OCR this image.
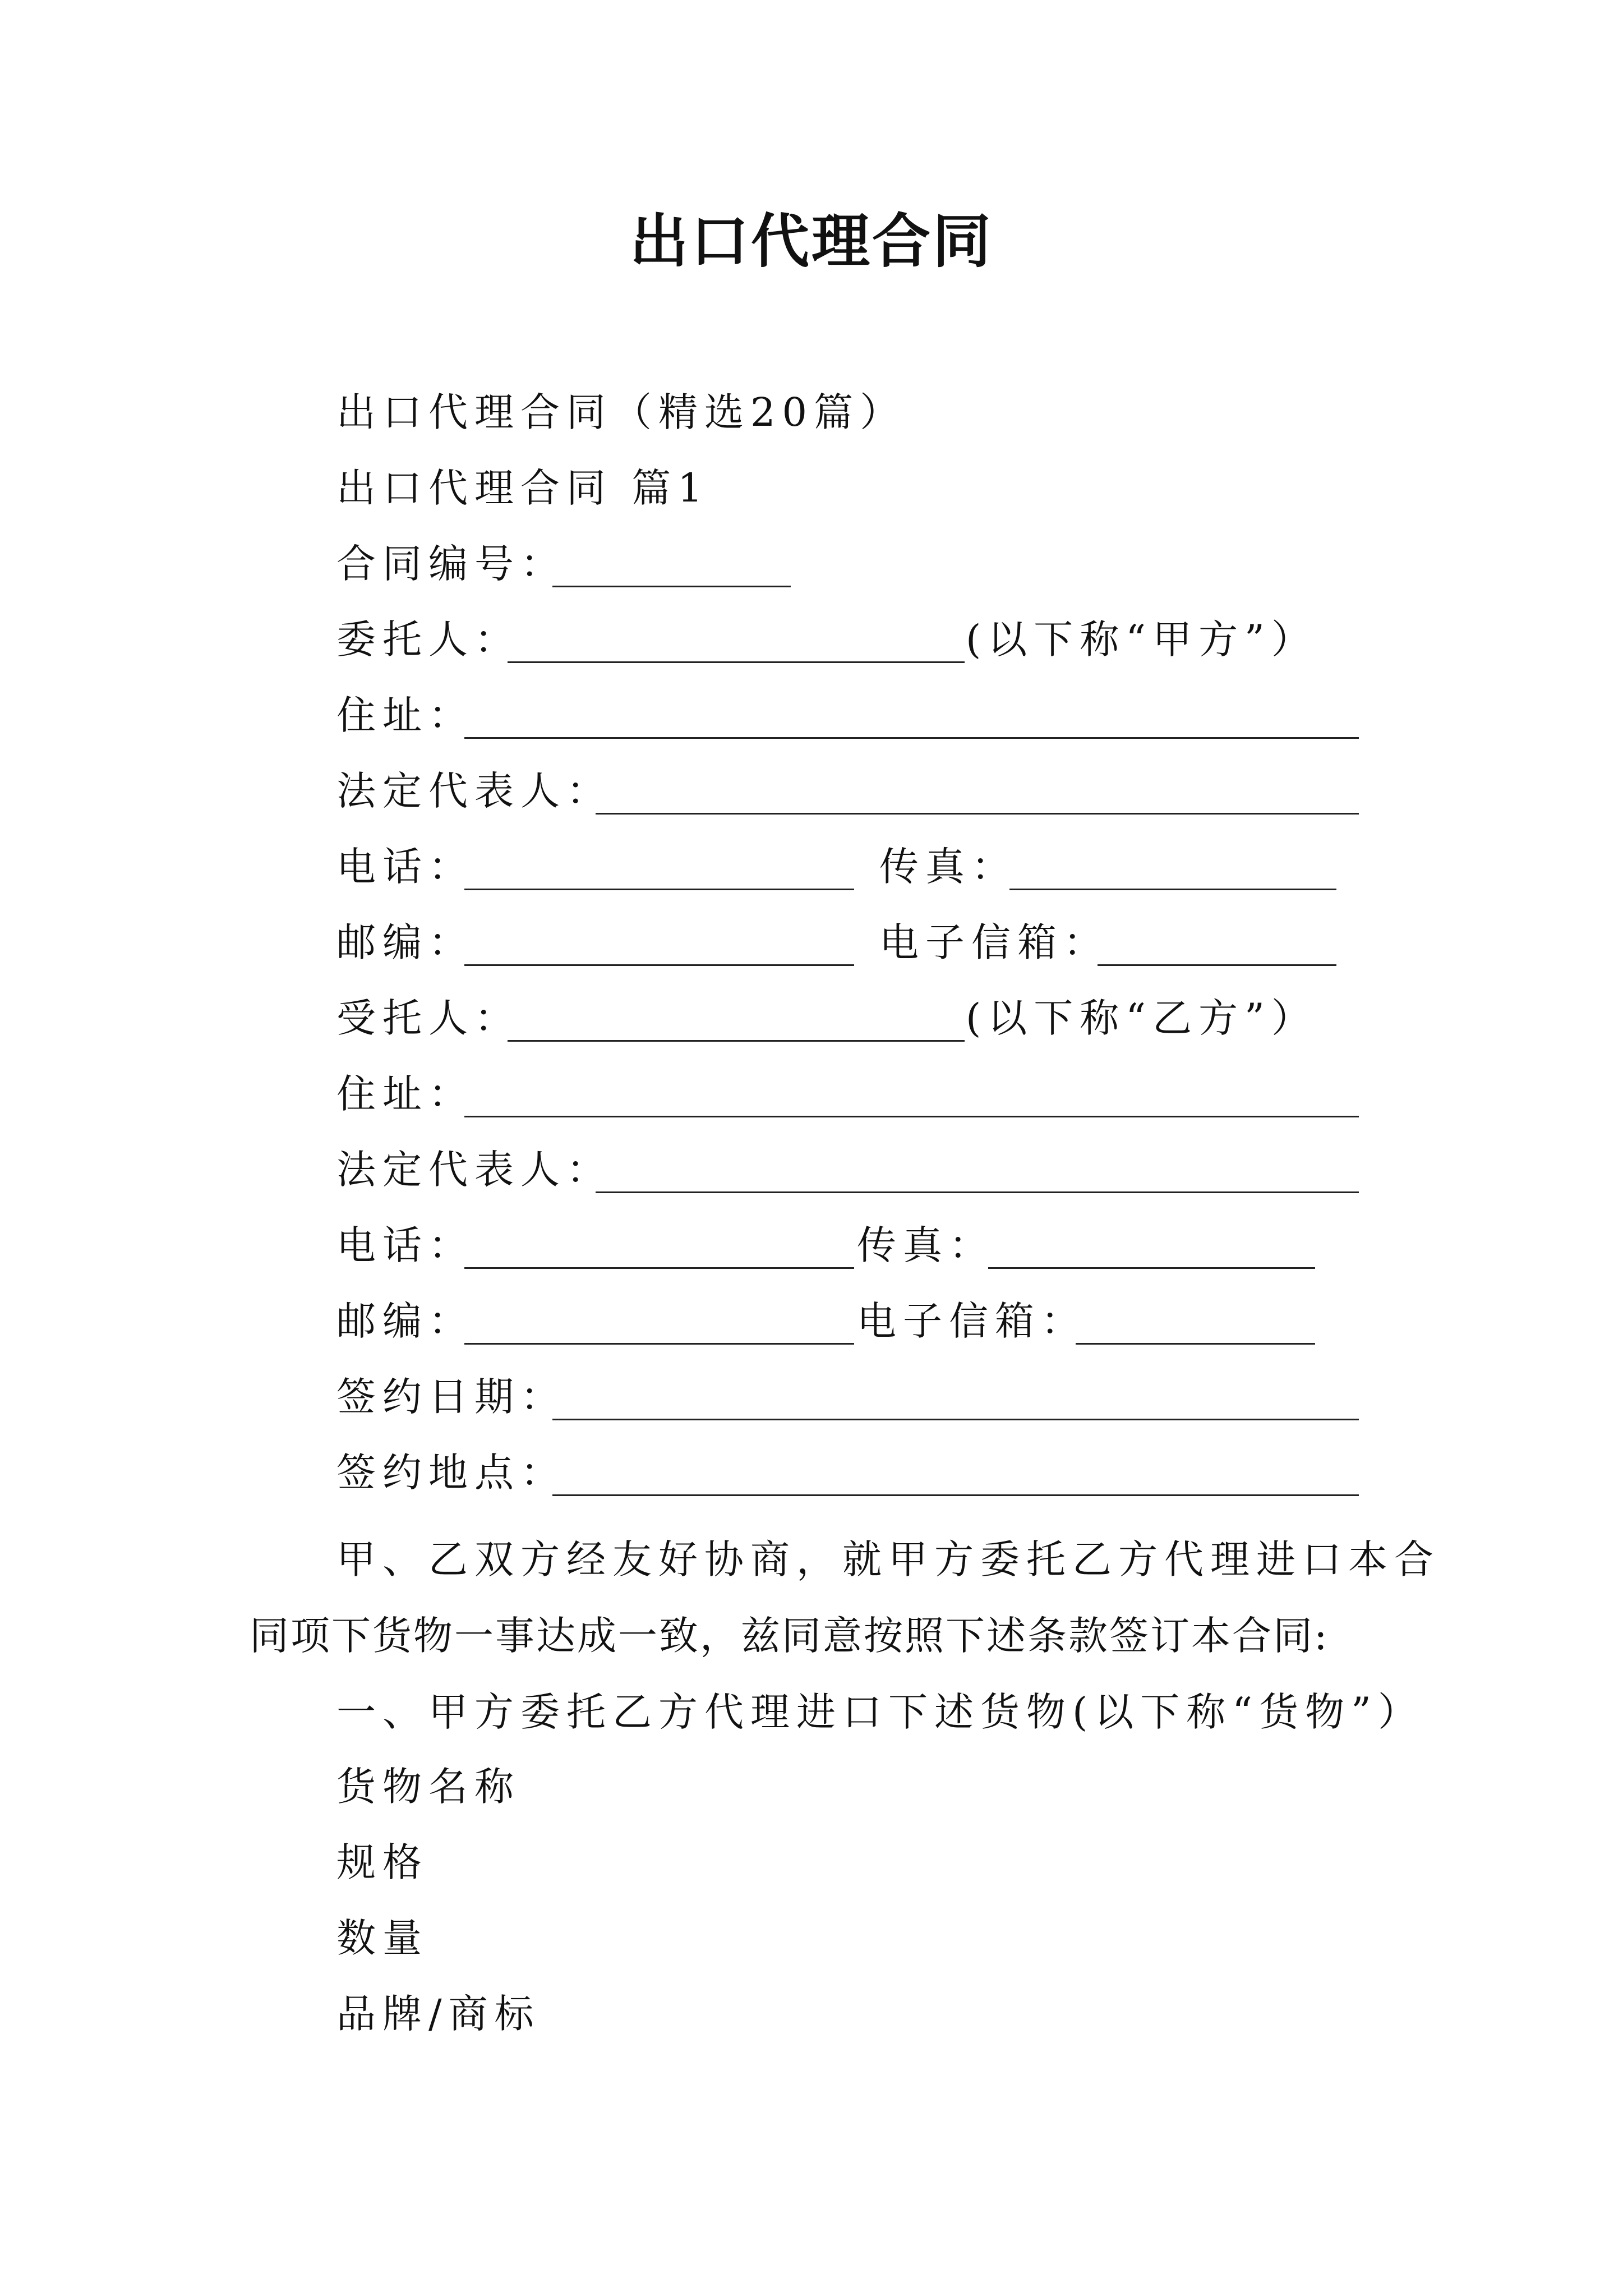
出口代理合同
出口代理合同（精选20篇）
出口代理合同 篇1
合同编号：
委托人：	(以下称“甲方”）
住址：
法定代表人：
电话：	传真：
邮编：	电子信箱：
受托人：	(以下称“乙方”）
住址：
法定代表人：
电话：	传真：
邮编：	电子信箱：
签约日期：
签约地点：
甲、乙双方经友好协商，就甲方委托乙方代理进口本合
同项下货物一事达成一致，兹同意按照下述条款签订本合同:
一、甲方委托乙方代理进口下述货物(以下称“货物”）
货物名称
规格
数量
品牌/商标
